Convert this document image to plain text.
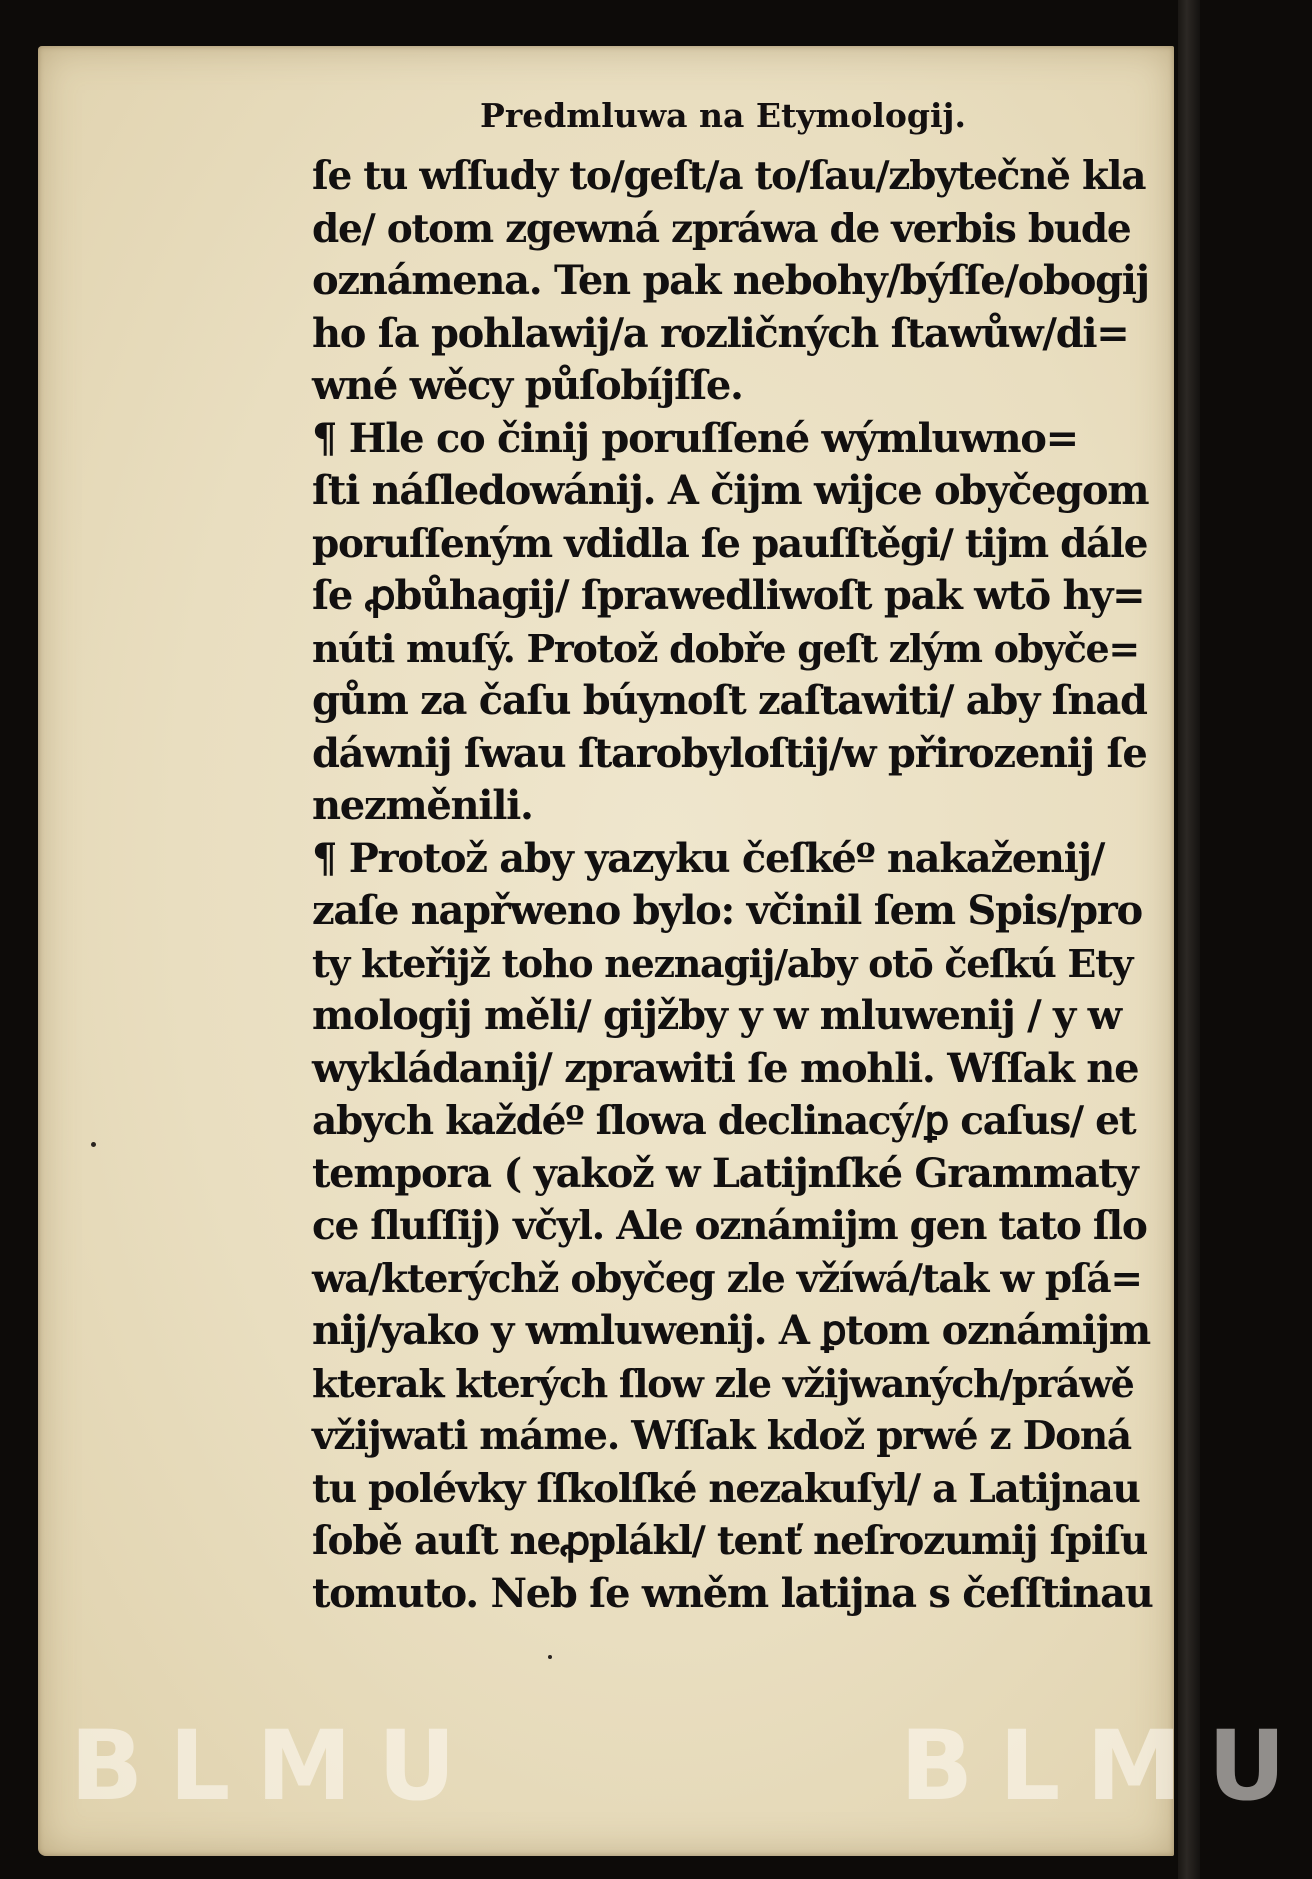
Predmluwa na Etymologij.
ſe tu wſſudy to/geſt/a to/ſau/zbytečně kla
de/ otom zgewná zpráwa de verbis bude
oznámena. Ten pak nebohy/býſſe/obogij
ho ſa pohlawij/a rozličných ſtawůw/di=
wné wěcy půſobíjſſe.
¶ Hle co činij poruſſené wýmluwno=
ſti náſledowánij. A čijm wijce obyčegom
poruſſeným vdidla ſe pauſſtěgi/ tijm dále
ſe ꝓbůhagij/ ſprawedliwoſt pak wtō hy=
núti muſý. Protož dobře geſt zlým obyče=
gům za čaſu búynoſt zaſtawiti/ aby ſnad
dáwnij ſwau ſtarobyloſtij/w přirozenij ſe
nezměnili.
¶ Protož aby yazyku čeſkéº nakaženij/
zaſe napřweno bylo: včinil ſem Spis/pro
ty kteřijž toho neznagij/aby otō čeſkú Ety
mologij měli/ gijžby y w mluwenij / y w
wykládanij/ zprawiti ſe mohli. Wſſak ne
abych každéº ſlowa declinacý/ꝑ caſus/ et
tempora ( yakož w Latijnſké Grammaty
ce ſluſſij) včyl. Ale oznámijm gen tato ſlo
wa/kterýchž obyčeg zle vžíwá/tak w pſá=
nij/yako y wmluwenij. A ꝑtom oznámijm
kterak kterých ſlow zle vžijwaných/práwě
vžijwati máme. Wſſak kdož prwé z Doná
tu polévky ſſkolſké nezakuſyl/ a Latijnau
ſobě auſt neꝓplákl/ tenť neſrozumij ſpiſu
tomuto. Neb ſe wněm latijna s čeſſtinau
BLMU	BLMU
